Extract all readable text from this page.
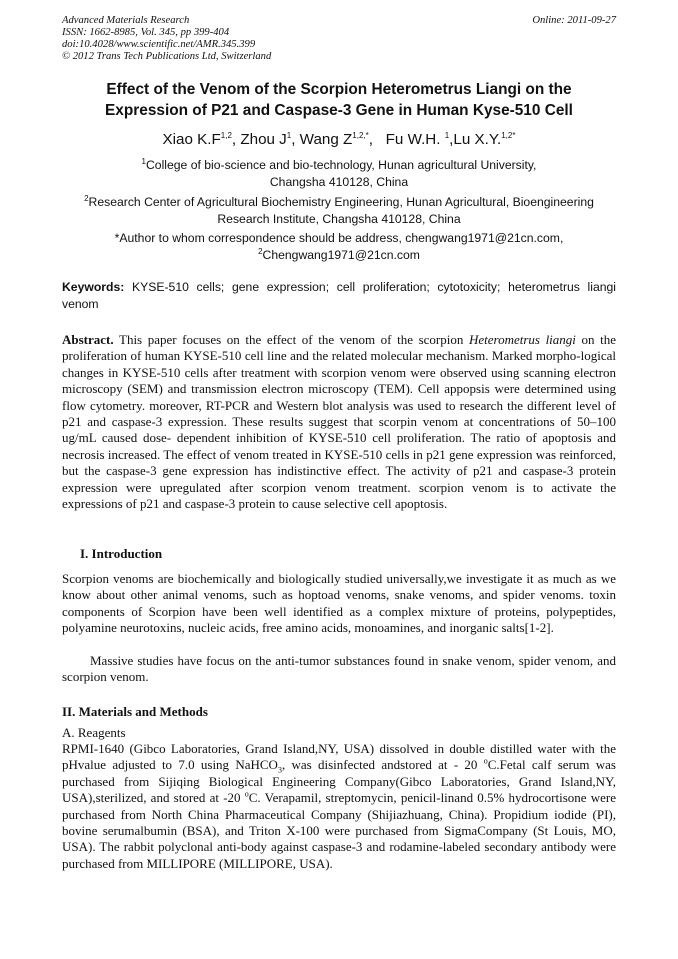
Advanced Materials Research
ISSN: 1662-8985, Vol. 345, pp 399-404
doi:10.4028/www.scientific.net/AMR.345.399
© 2012 Trans Tech Publications Ltd, Switzerland
Online: 2011-09-27
Effect of the Venom of the Scorpion Heterometrus Liangi on the
Expression of P21 and Caspase-3 Gene in Human Kyse-510 Cell
Xiao $K.F^{1,2}$, Zhou $J^1$, Wang $Z^{1,2,*}$,   Fu W.H. $^1$,Lu X.Y.$^{1,2*}$
$^1$College of bio-science and bio-technology, Hunan agricultural University,
Changsha 410128, China
$^2$Research Center of Agricultural Biochemistry Engineering, Hunan Agricultural, Bioengineering
Research Institute, Changsha 410128, China
*Author to whom correspondence should be address, chengwang1971@21cn.com,
$^2$Chengwang1971@21cn.com
Keywords: KYSE-510 cells; gene expression; cell proliferation; cytotoxicity; heterometrus liangi venom
Abstract. This paper focuses on the effect of the venom of the scorpion Heterometrus liangi on the proliferation of human KYSE-510 cell line and the related molecular mechanism. Marked morpho-logical changes in KYSE-510 cells after treatment with scorpion venom were observed using scanning electron microscopy (SEM) and transmission electron microscopy (TEM). Cell appopsis were determined using flow cytometry. moreover, RT-PCR and Western blot analysis was used to research the different level of p21 and caspase-3 expression. These results suggest that scorpin venom at concentrations of 50–100 ug/mL caused dose- dependent inhibition of KYSE-510 cell proliferation. The ratio of apoptosis and necrosis increased. The effect of venom treated in KYSE-510 cells in p21 gene expression was reinforced, but the caspase-3 gene expression has indistinctive effect. The activity of p21 and caspase-3 protein expression were upregulated after scorpion venom treatment. scorpion venom is to activate the expressions of p21 and caspase-3 protein to cause selective cell apoptosis.
I. Introduction
Scorpion venoms are biochemically and biologically studied universally,we investigate it as much as we know about other animal venoms, such as hoptoad venoms, snake venoms, and spider venoms. toxin components of Scorpion have been well identified as a complex mixture of proteins, polypeptides, polyamine neurotoxins, nucleic acids, free amino acids, monoamines, and inorganic salts[1-2].
Massive studies have focus on the anti-tumor substances found in snake venom, spider venom, and scorpion venom.
II. Materials and Methods
A. Reagents
RPMI-1640 (Gibco Laboratories, Grand Island,NY, USA) dissolved in double distilled water with the pHvalue adjusted to 7.0 using NaHCO$_3$, was disinfected andstored at - 20 $^o$C.Fetal calf serum was purchased from Sijiqing Biological Engineering Company(Gibco Laboratories, Grand Island,NY, USA),sterilized, and stored at -20 $^o$C. Verapamil, streptomycin, penicil-linand 0.5% hydrocortisone were purchased from North China Pharmaceutical Company (Shijiazhuang, China). Propidium iodide (PI), bovine serumalbumin (BSA), and Triton X-100 were purchased from SigmaCompany (St Louis, MO, USA). The rabbit polyclonal anti-body against caspase-3 and rodamine-labeled secondary antibody were purchased from MILLIPORE (MILLIPORE, USA).
